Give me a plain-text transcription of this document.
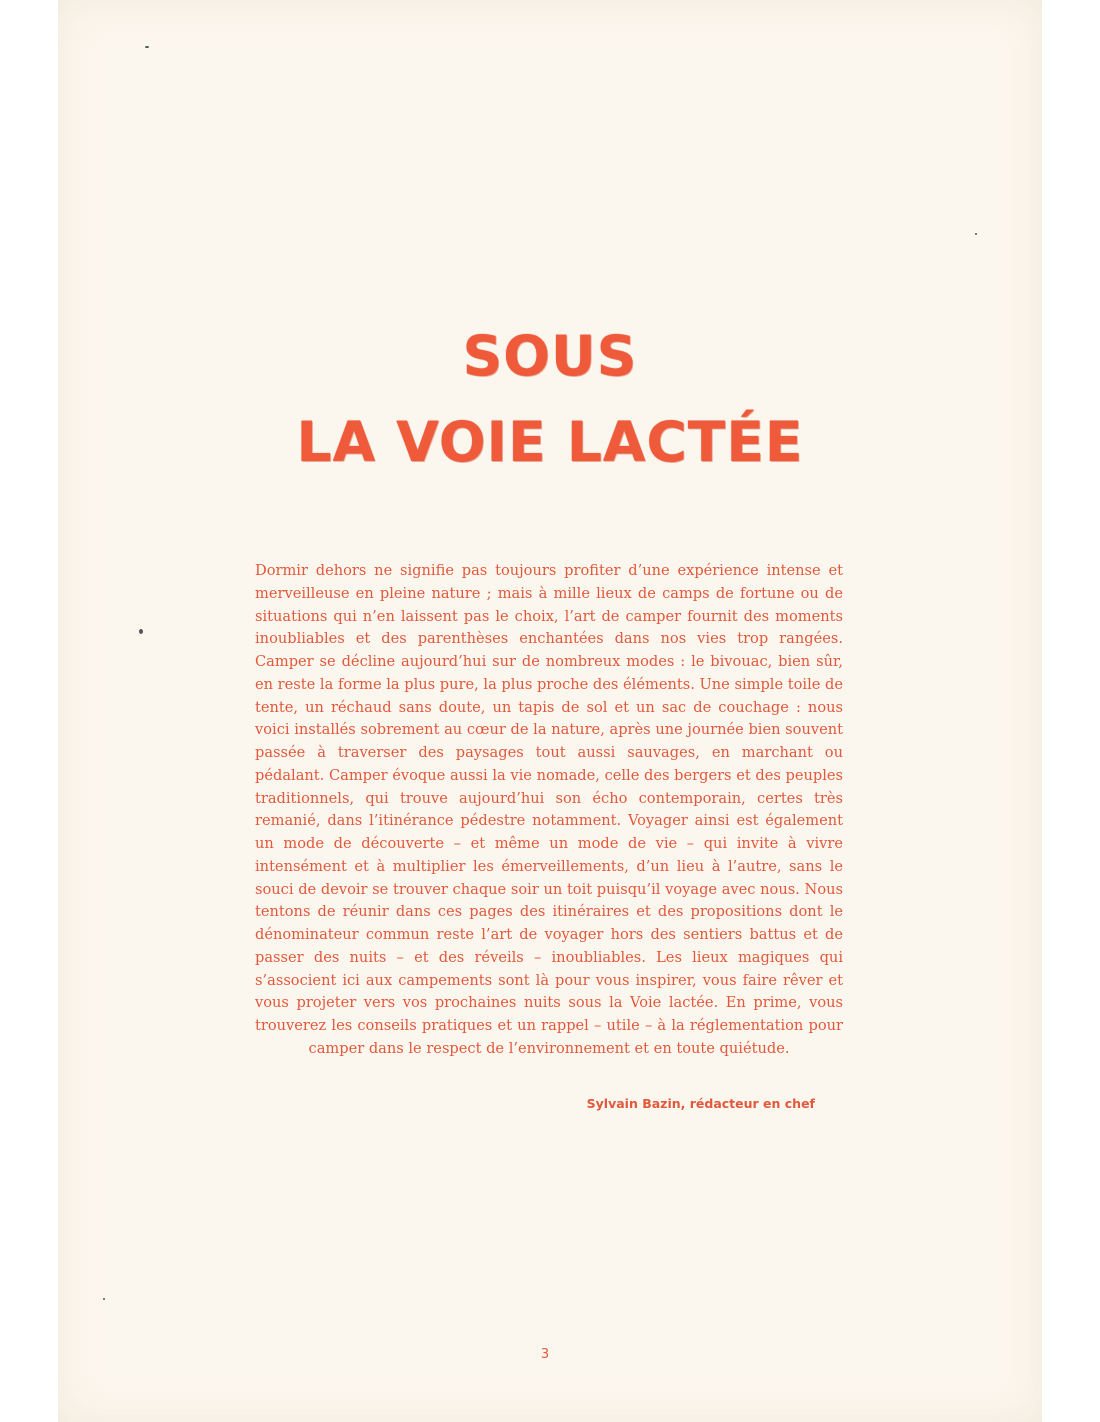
SOUS
LA VOIE LACTÉE

Dormir dehors ne signifie pas toujours profiter d’une expérience intense et merveilleuse en pleine nature ; mais à mille lieux de camps de fortune ou de situations qui n’en laissent pas le choix, l’art de camper fournit des moments inoubliables et des parenthèses enchantées dans nos vies trop rangées. Camper se décline aujourd’hui sur de nombreux modes : le bivouac, bien sûr, en reste la forme la plus pure, la plus proche des éléments. Une simple toile de tente, un réchaud sans doute, un tapis de sol et un sac de couchage : nous voici installés sobrement au cœur de la nature, après une journée bien souvent passée à traverser des paysages tout aussi sauvages, en marchant ou pédalant. Camper évoque aussi la vie nomade, celle des bergers et des peuples traditionnels, qui trouve aujourd’hui son écho contemporain, certes très remanié, dans l’itinérance pédestre notamment. Voyager ainsi est également un mode de découverte – et même un mode de vie – qui invite à vivre intensément et à multiplier les émerveillements, d’un lieu à l’autre, sans le souci de devoir se trouver chaque soir un toit puisqu’il voyage avec nous. Nous tentons de réunir dans ces pages des itinéraires et des propositions dont le dénominateur commun reste l’art de voyager hors des sentiers battus et de passer des nuits – et des réveils – inoubliables. Les lieux magiques qui s’associent ici aux campements sont là pour vous inspirer, vous faire rêver et vous projeter vers vos prochaines nuits sous la Voie lactée. En prime, vous trouverez les conseils pratiques et un rappel – utile – à la réglementation pour camper dans le respect de l’environnement et en toute quiétude.

Sylvain Bazin, rédacteur en chef

3
